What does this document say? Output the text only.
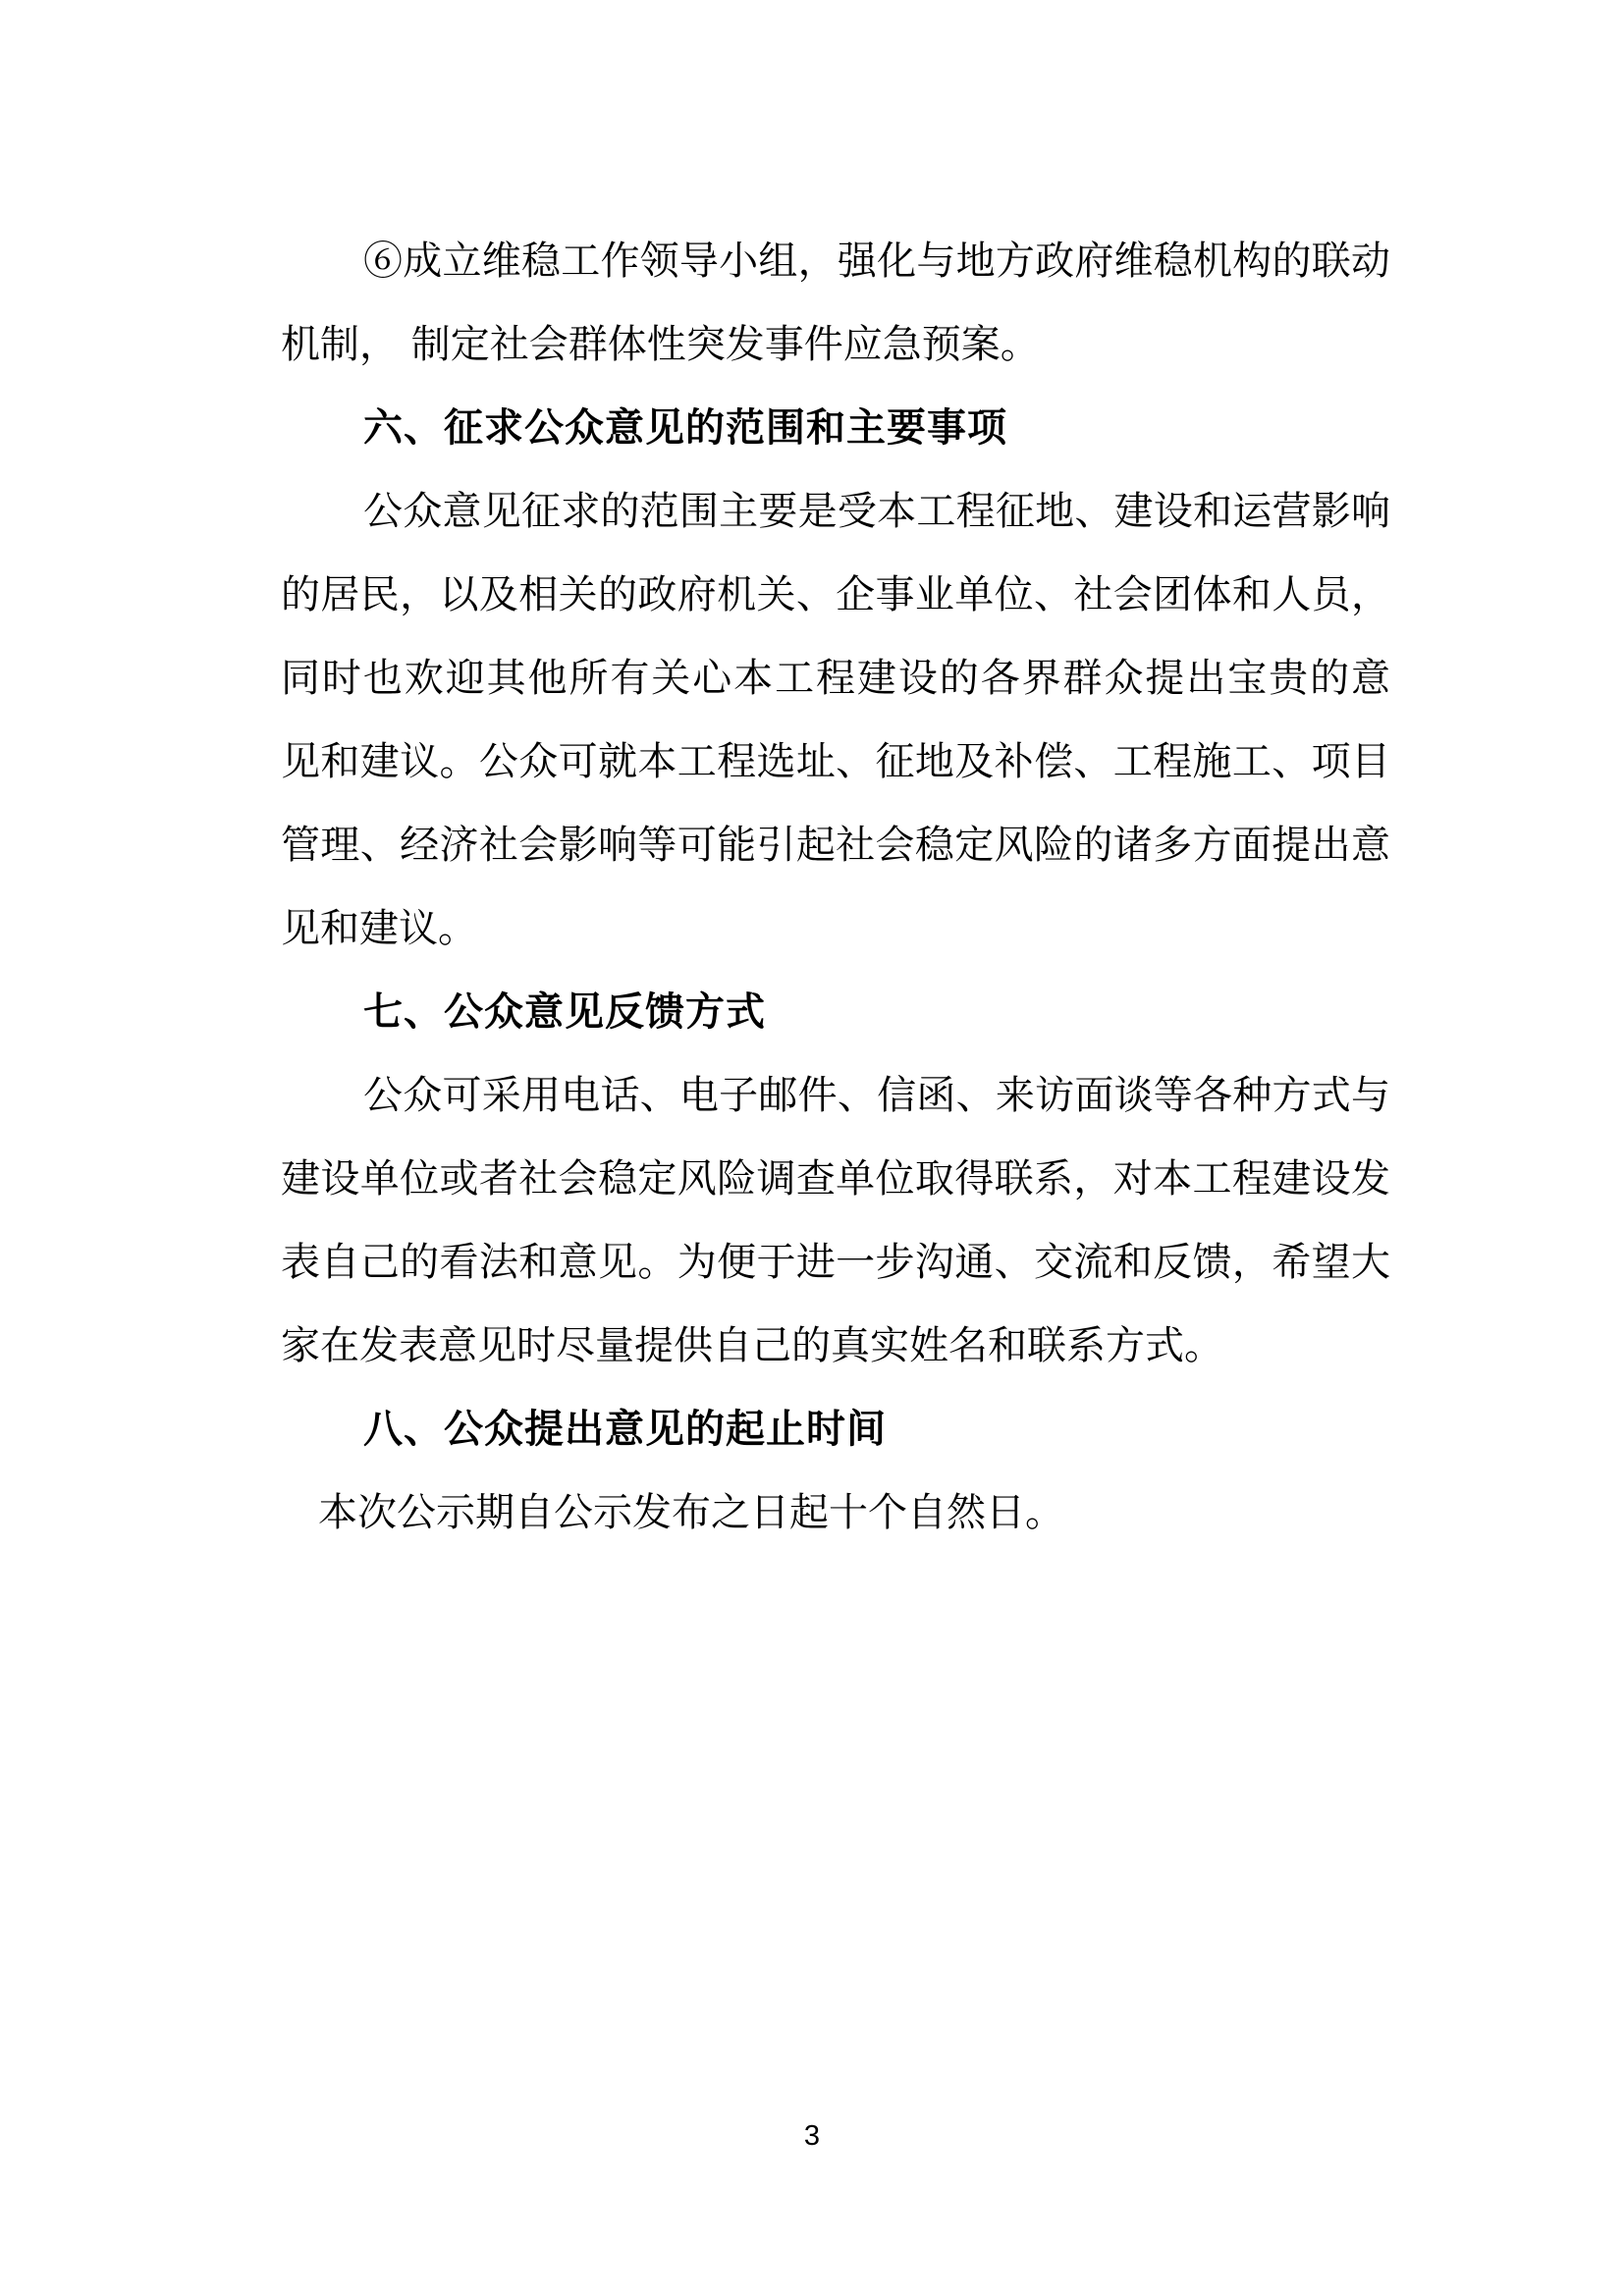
⑥成立维稳工作领导小组，强化与地方政府维稳机构的联动
机制， 制定社会群体性突发事件应急预案。
六、征求公众意见的范围和主要事项
公众意见征求的范围主要是受本工程征地、建设和运营影响
的居民，以及相关的政府机关、企事业单位、社会团体和人员，
同时也欢迎其他所有关心本工程建设的各界群众提出宝贵的意
见和建议。公众可就本工程选址、征地及补偿、工程施工、项目
管理、经济社会影响等可能引起社会稳定风险的诸多方面提出意
见和建议。
七、公众意见反馈方式
公众可采用电话、电子邮件、信函、来访面谈等各种方式与
建设单位或者社会稳定风险调查单位取得联系，对本工程建设发
表自己的看法和意见。为便于进一步沟通、交流和反馈，希望大
家在发表意见时尽量提供自己的真实姓名和联系方式。
八、公众提出意见的起止时间
本次公示期自公示发布之日起十个自然日。
3
